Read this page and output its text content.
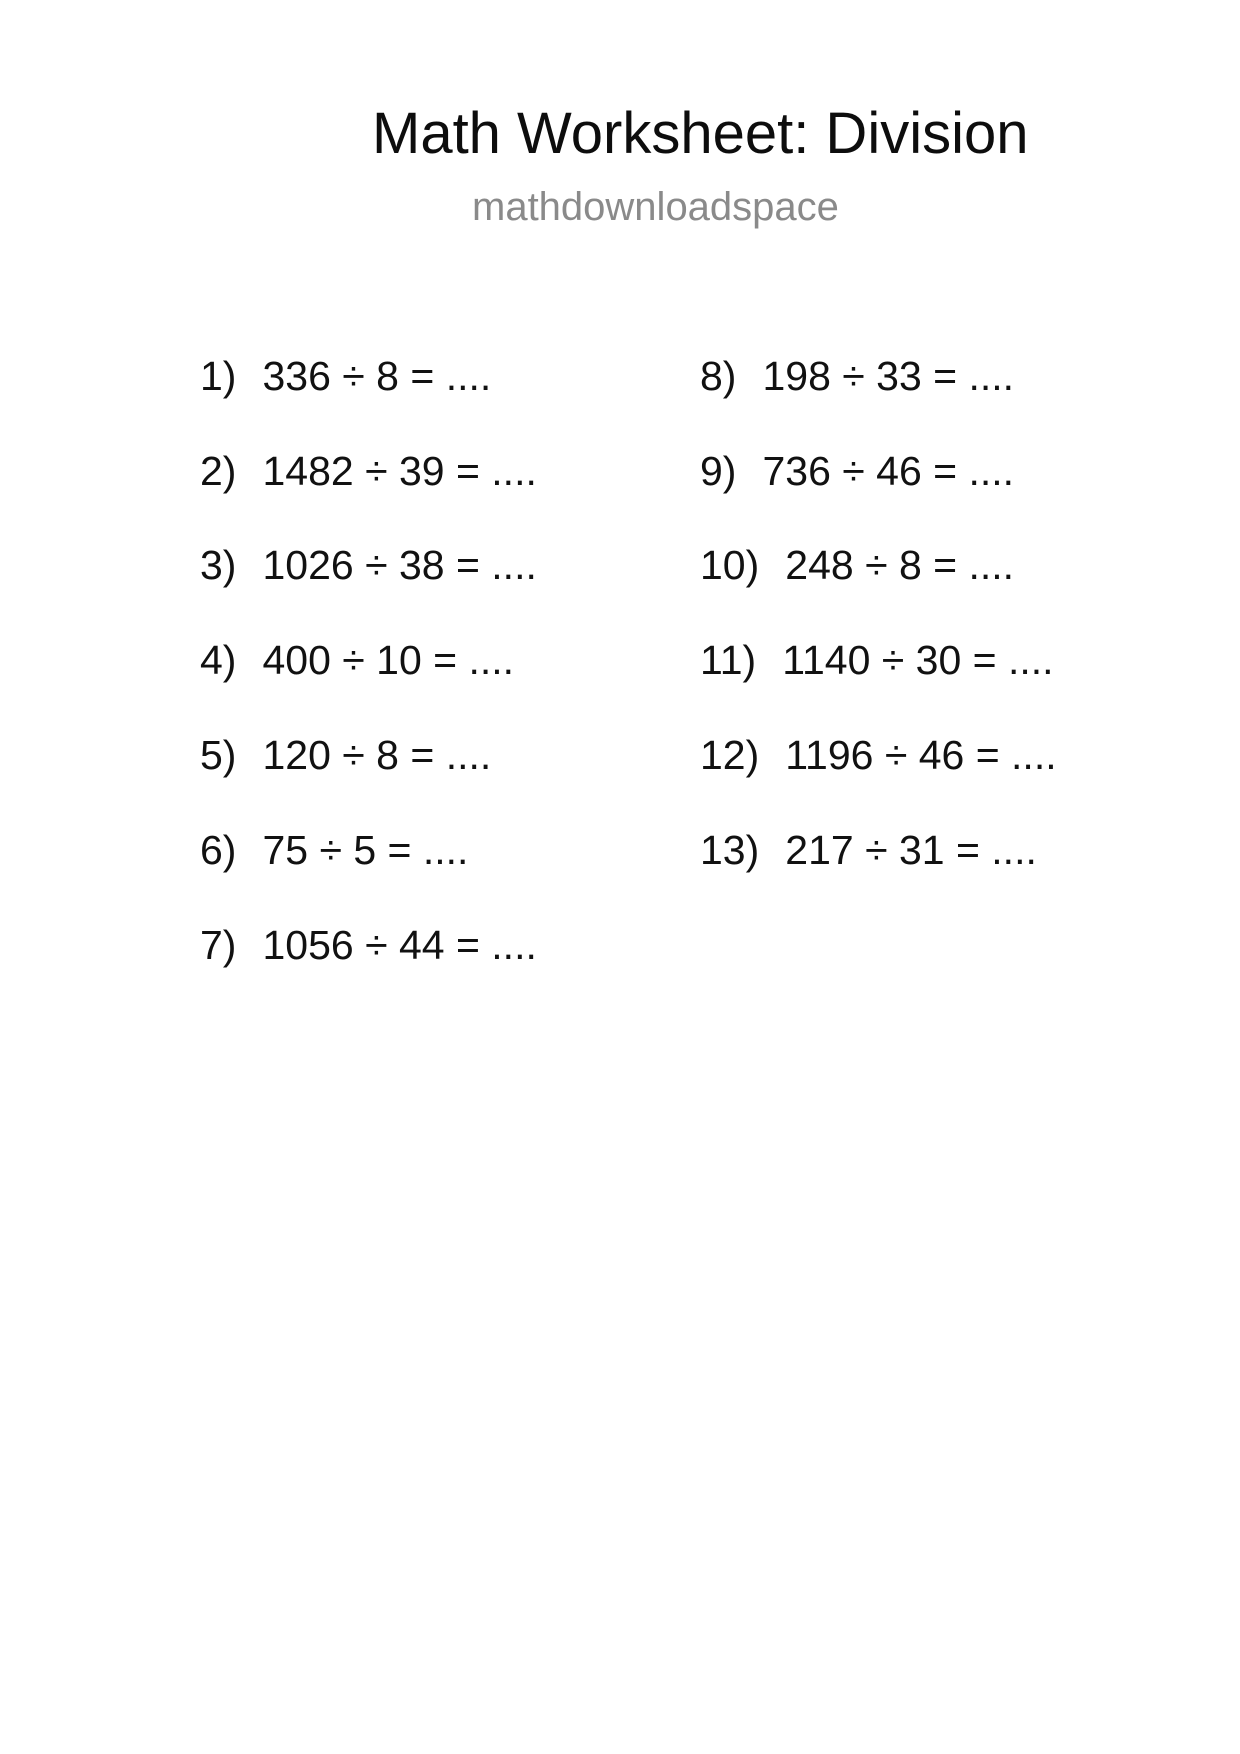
Math Worksheet: Division
mathdownloadspace
1) 336 ÷ 8 = ....
2) 1482 ÷ 39 = ....
3) 1026 ÷ 38 = ....
4) 400 ÷ 10 = ....
5) 120 ÷ 8 = ....
6) 75 ÷ 5 = ....
7) 1056 ÷ 44 = ....
8) 198 ÷ 33 = ....
9) 736 ÷ 46 = ....
10) 248 ÷ 8 = ....
11) 1140 ÷ 30 = ....
12) 1196 ÷ 46 = ....
13) 217 ÷ 31 = ....
